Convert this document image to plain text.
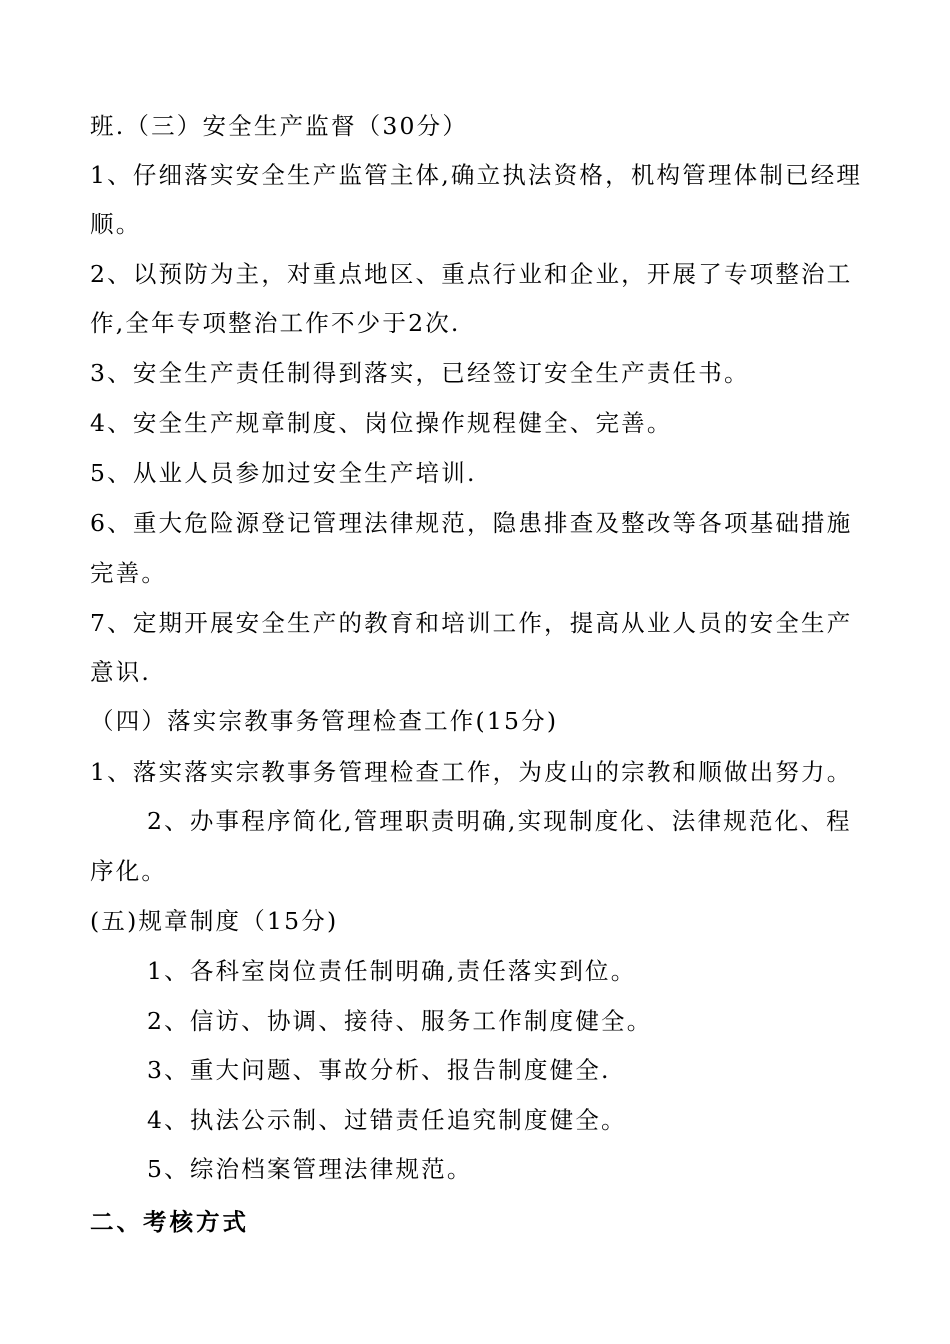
班.（三）安全生产监督（30分）
1、仔细落实安全生产监管主体,确立执法资格，机构管理体制已经理
顺。
2、以预防为主，对重点地区、重点行业和企业，开展了专项整治工
作,全年专项整治工作不少于2次.
3、安全生产责任制得到落实，已经签订安全生产责任书。
4、安全生产规章制度、岗位操作规程健全、完善。
5、从业人员参加过安全生产培训.
6、重大危险源登记管理法律规范，隐患排查及整改等各项基础措施
完善。
7、定期开展安全生产的教育和培训工作，提高从业人员的安全生产
意识.
（四）落实宗教事务管理检查工作(15分)
1、落实落实宗教事务管理检查工作，为皮山的宗教和顺做出努力。
2、办事程序简化,管理职责明确,实现制度化、法律规范化、程
序化。
(五)规章制度（15分)
1、各科室岗位责任制明确,责任落实到位。
2、信访、协调、接待、服务工作制度健全。
3、重大问题、事故分析、报告制度健全.
4、执法公示制、过错责任追究制度健全。
5、综治档案管理法律规范。
二、考核方式
